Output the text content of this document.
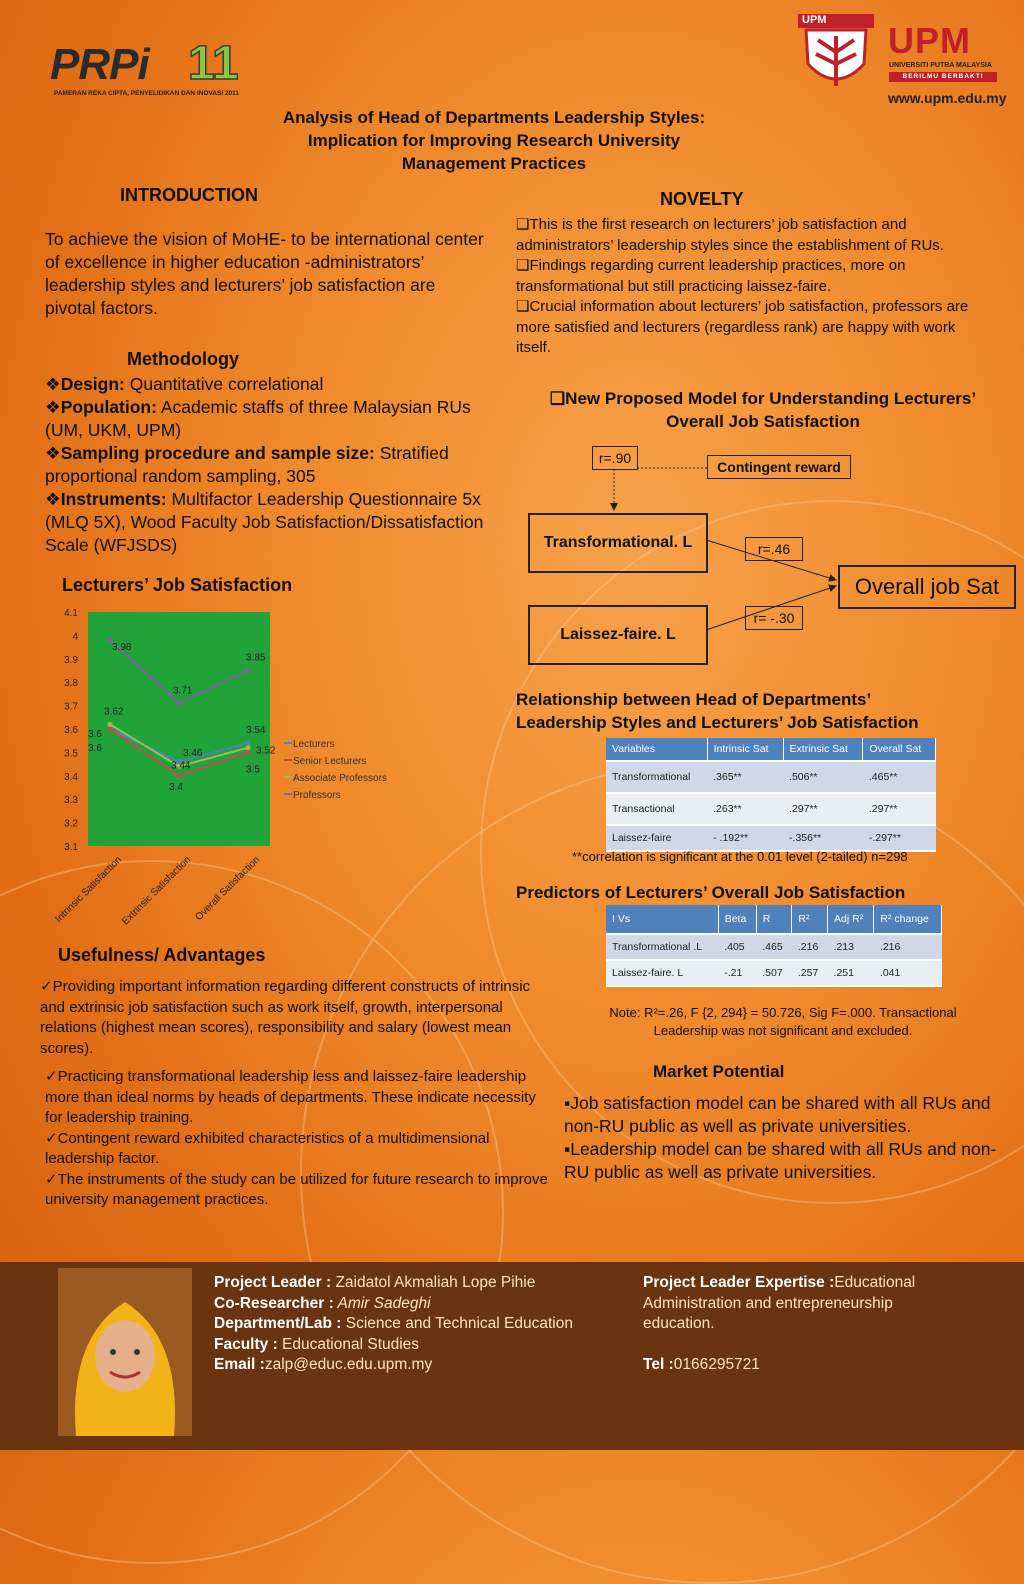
PRPi 11
PAMERAN REKA CIPTA, PENYELIDIKAN DAN INOVASI 2011
UPM UPM
UNIVERSITI PUTRA MALAYSIA
BERILMU BERBAKTI
www.upm.edu.my
Analysis of Head of Departments Leadership Styles:
Implication for Improving Research University
Management Practices
INTRODUCTION
To achieve the vision of MoHE- to be international center of excellence in higher education -administrators’ leadership styles and lecturers’ job satisfaction are pivotal factors.
Methodology
❖Design: Quantitative correlational
❖Population: Academic staffs of three Malaysian RUs (UM, UKM, UPM)
❖Sampling procedure and sample size: Stratified proportional random sampling, 305
❖Instruments: Multifactor Leadership Questionnaire 5x (MLQ 5X), Wood Faculty Job Satisfaction/Dissatisfaction Scale (WFJSDS)
Lecturers’ Job Satisfaction
4.1
4
3.9
3.8
3.7
3.6
3.5
3.4
3.3
3.2
3.1
Intrinsic Satisfaction
Extrinsic Satisfaction Overall Satisfaction
3.98
3.71
3.85
3.62
3.6
3.6	3.46
3.44
3.4
3.54
3.52
3.5
Lecturers
Senior Lecturers
Associate Professors
Professors
Usefulness/ Advantages
✓Providing important information regarding different constructs of intrinsic and extrinsic job satisfaction such as work itself, growth, interpersonal relations (highest mean scores), responsibility and salary (lowest mean scores).
✓Practicing transformational leadership less and laissez-faire leadership more than ideal norms by heads of departments. These indicate necessity for leadership training.
✓Contingent reward exhibited characteristics of a multidimensional leadership factor.
✓The instruments of the study can be utilized for future research to improve university management practices.
NOVELTY
❑This is the first research on lecturers’ job satisfaction and administrators’ leadership styles since the establishment of RUs.
❑Findings regarding current leadership practices, more on transformational but still practicing laissez-faire.
❑Crucial information about lecturers’ job satisfaction, professors are more satisfied and lecturers (regardless rank) are happy with work itself.
❑New Proposed Model for Understanding Lecturers’
Overall Job Satisfaction
r=.90
Contingent reward
Transformational. L	r=.46
Overall job Sat
r= -.30
Laissez-faire. L
Relationship between Head of Departments’
Leadership Styles and Lecturers’ Job Satisfaction
Variables	Intrinsic Sat	Extrinsic Sat	Overall Sat
Transformational	.365**	.506**	.465**
Transactional	.263**	.297**	.297**
Laissez-faire	- .192**	-.356**	-.297**
**correlation is significant at the 0.01 level (2-tailed) n=298
Predictors of Lecturers’ Overall Job Satisfaction
I Vs	Beta	R	R²	Adj R²	R² change
Transformational .L	.405	.465	.216	.213	.216
Laissez-faire. L	-.21	.507	.257	.251	.041
Note: R²=.26, F {2, 294} = 50.726, Sig F=.000. Transactional
Leadership was not significant and excluded.
Market Potential
▪Job satisfaction model can be shared with all RUs and non-RU public as well as private universities.
▪Leadership model can be shared with all RUs and non-RU public as well as private universities.
Project Leader : Zaidatol Akmaliah Lope Pihie
Co-Researcher : Amir Sadeghi
Department/Lab : Science and Technical Education
Faculty : Educational Studies
Email :zalp@educ.edu.upm.my
Project Leader Expertise :Educational Administration and entrepreneurship education.
Tel :0166295721
